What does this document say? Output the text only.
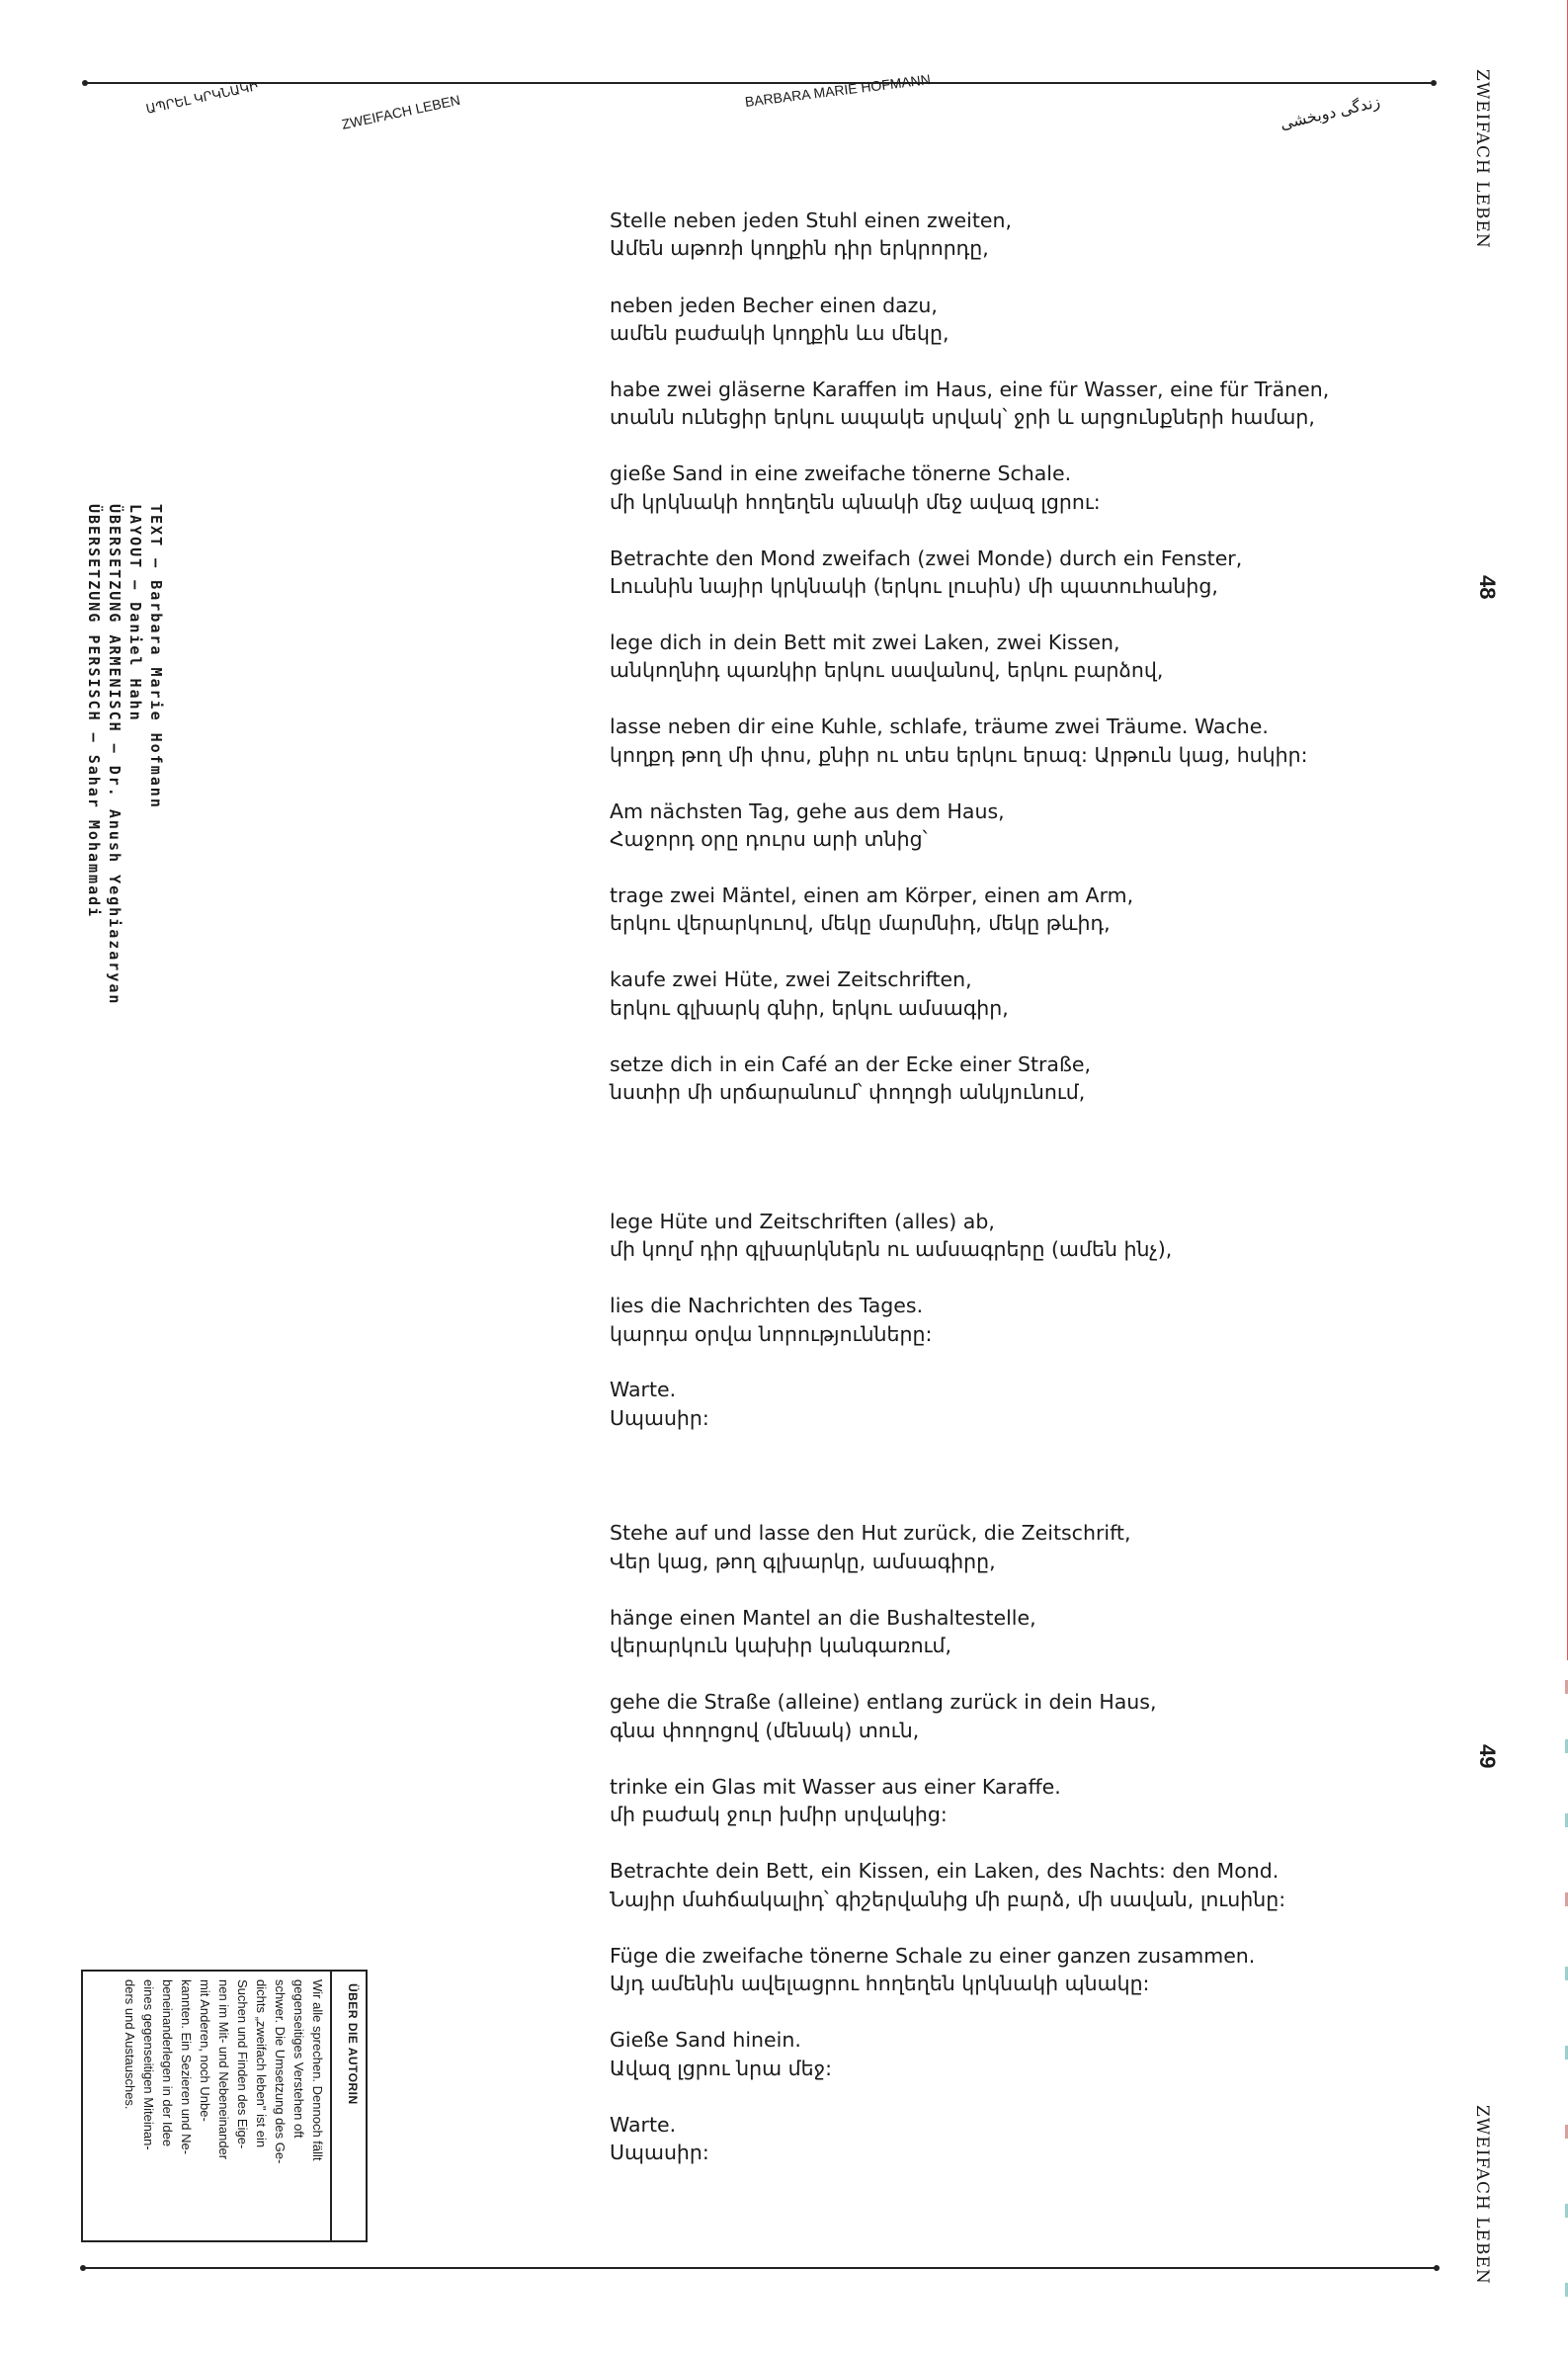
ԱՊՐԵԼ ԿՐԿՆԱԿԻ	ZWEIFACH LEBEN
BARBARA MARIE HOFMANN
زندگی دوبخشی	ZWEIFACH LEBEN
ZWEIFACH LEBEN
48
49
TEXT — Barbara Marie Hofmann
LAYOUT — Daniel Hahn
ÜBERSETZUNG ARMENISCH — Dr. Anush Yeghiazaryan
ÜBERSETZUNG PERSISCH — Sahar Mohammadi
ÜBER DIE AUTORIN
Wir alle sprechen. Dennoch fällt
gegenseitiges Verstehen oft
schwer. Die Umsetzung des Ge-
dichts „zweifach leben" ist ein
Suchen und Finden des Eige-
nen im Mit- und Nebeneinander
mit Anderen, noch Unbe-
kannten. Ein Sezieren und Ne-
beneinanderlegen in der Idee
eines gegenseitigen Miteinan-
ders und Austausches.
Stelle neben jeden Stuhl einen zweiten,
Ամեն աթոռի կողքին դիր երկրորդը,
neben jeden Becher einen dazu,
ամեն բաժակի կողքին ևս մեկը,
habe zwei gläserne Karaffen im Haus, eine für Wasser, eine für Tränen,
տանն ունեցիր երկու ապակե սրվակ՝ ջրի և արցունքների համար,
gieße Sand in eine zweifache tönerne Schale.
մի կրկնակի հողեղեն պնակի մեջ ավազ լցրու:
Betrachte den Mond zweifach (zwei Monde) durch ein Fenster,
Լուսնին նայիր կրկնակի (երկու լուսին) մի պատուհանից,
lege dich in dein Bett mit zwei Laken, zwei Kissen,
անկողնիդ պառկիր երկու սավանով, երկու բարձով,
lasse neben dir eine Kuhle, schlafe, träume zwei Träume. Wache.
կողքդ թող մի փոս, քնիր ու տես երկու երազ: Արթուն կաց, հսկիր:
Am nächsten Tag, gehe aus dem Haus,
Հաջորդ օրը դուրս արի տնից՝
trage zwei Mäntel, einen am Körper, einen am Arm,
երկու վերարկուով, մեկը մարմնիդ, մեկը թևիդ,
kaufe zwei Hüte, zwei Zeitschriften,
երկու գլխարկ գնիր, երկու ամսագիր,
setze dich in ein Café an der Ecke einer Straße,
նստիր մի սրճարանում՝ փողոցի անկյունում,
lege Hüte und Zeitschriften (alles) ab,
մի կողմ դիր գլխարկներն ու ամսագրերը (ամեն ինչ),
lies die Nachrichten des Tages.
կարդա օրվա նորությունները:
Warte.
Սպասիր:
Stehe auf und lasse den Hut zurück, die Zeitschrift,
Վեր կաց, թող գլխարկը, ամսագիրը,
hänge einen Mantel an die Bushaltestelle,
վերարկուն կախիր կանգառում,
gehe die Straße (alleine) entlang zurück in dein Haus,
գնա փողոցով (մենակ) տուն,
trinke ein Glas mit Wasser aus einer Karaffe.
մի բաժակ ջուր խմիր սրվակից:
Betrachte dein Bett, ein Kissen, ein Laken, des Nachts: den Mond.
Նայիր մահճակալիդ՝ գիշերվանից մի բարձ, մի սավան, լուսինը:
Füge die zweifache tönerne Schale zu einer ganzen zusammen.
Այդ ամենին ավելացրու հողեղեն կրկնակի պնակը:
Gieße Sand hinein.
Ավազ լցրու նրա մեջ:
Warte.
Սպասիր:
